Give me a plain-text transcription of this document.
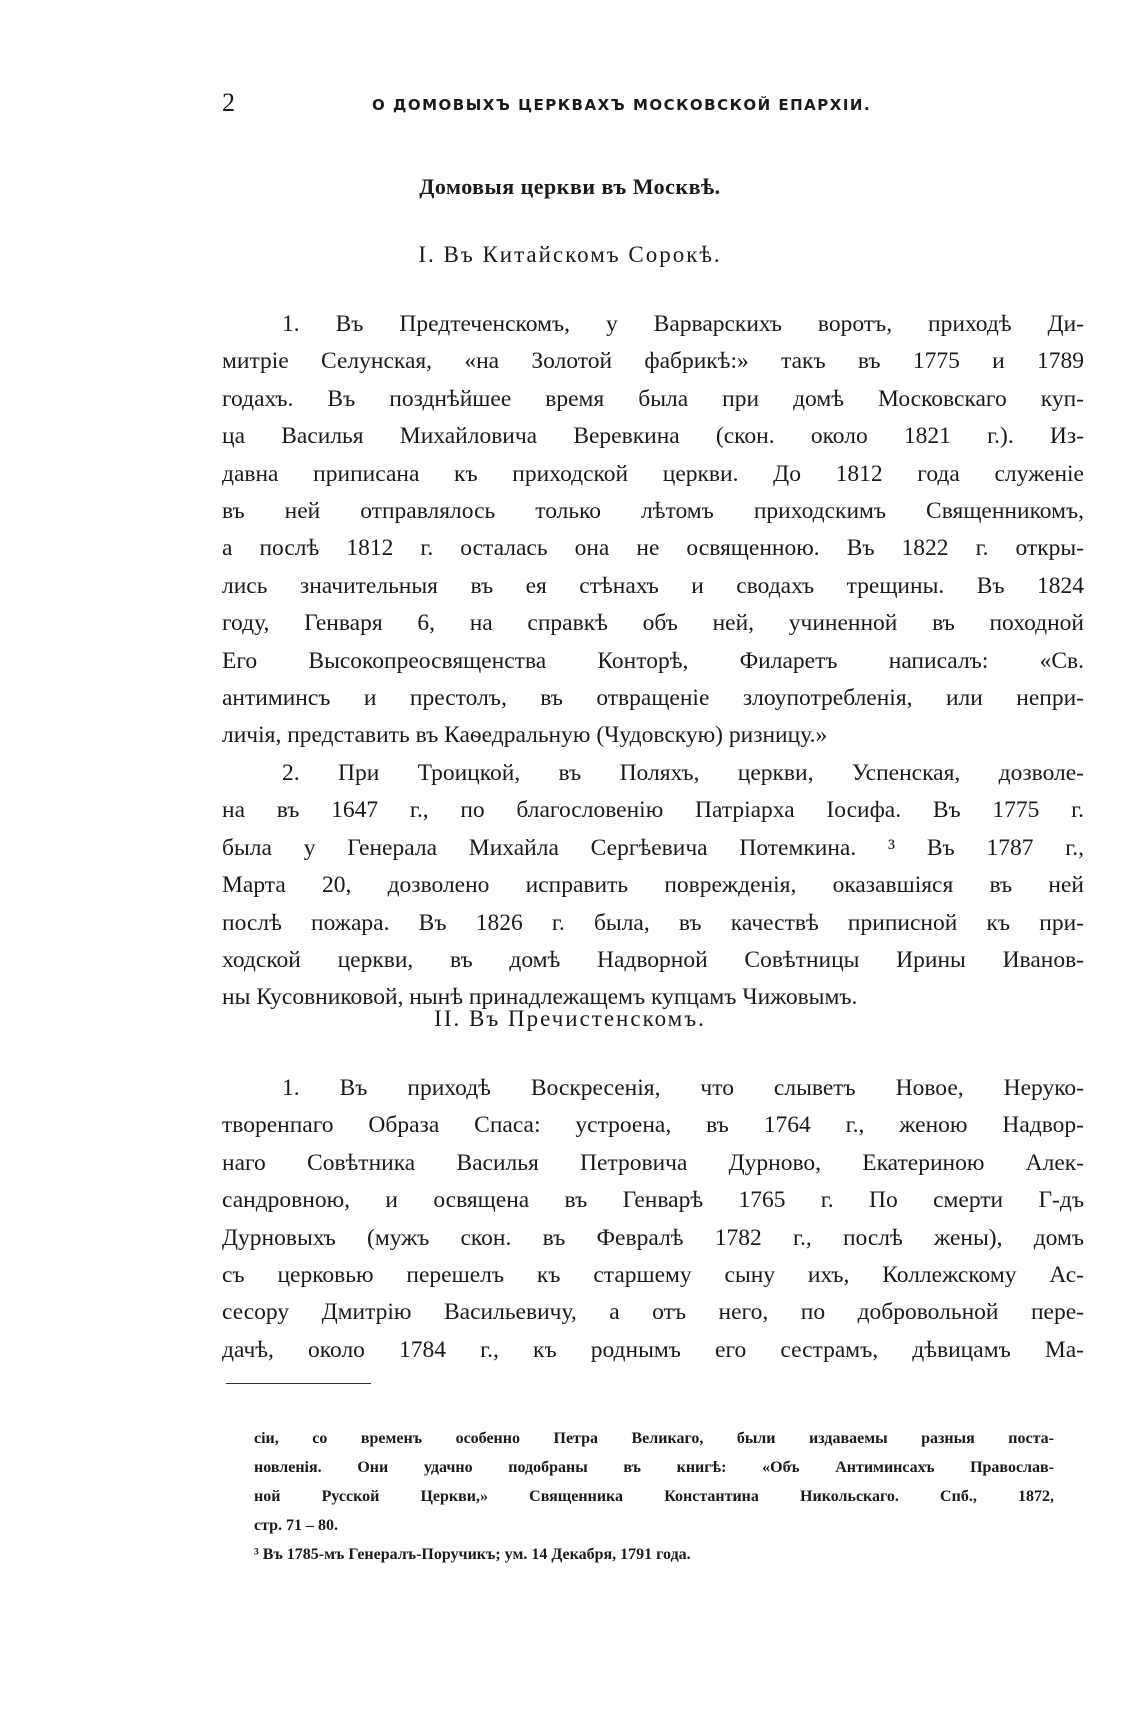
2	О ДОМОВЫХЪ ЦЕРКВАХЪ МОСКОВСКОЙ ЕПАРХIИ.
Домовыя церкви въ Москвѣ.
I. Въ Китайскомъ Сорокѣ.
1. Въ Предтеченскомъ, у Варварскихъ воротъ, приходѣ Ди-
митрiе Селунская, «на Золотой фабрикѣ:» такъ въ 1775 и 1789
годахъ. Въ позднѣйшее время была при домѣ Московскаго куп-
ца Василья Михайловича Веревкина (скон. около 1821 г.). Из-
давна приписана къ приходской церкви. До 1812 года служенiе
въ ней отправлялось только лѣтомъ приходскимъ Священникомъ,
а послѣ 1812 г. осталась она не освященною. Въ 1822 г. откры-
лись значительныя въ ея стѣнахъ и сводахъ трещины. Въ 1824
году, Генваря 6, на справкѣ объ ней, учиненной въ походной
Его Высокопреосвященства Конторѣ, Филаретъ написалъ: «Св.
антиминсъ и престолъ, въ отвращенiе злоупотребленiя, или непри-
личiя, представить въ Каѳедральную (Чудовскую) ризницу.»
2. При Троицкой, въ Поляхъ, церкви, Успенская, дозволе-
на въ 1647 г., по благословенiю Патрiарха Iосифа. Въ 1775 г.
была у Генерала Михайла Сергѣевича Потемкина. ³ Въ 1787 г.,
Марта 20, дозволено исправить поврежденiя, оказавшiяся въ ней
послѣ пожара. Въ 1826 г. была, въ качествѣ приписной къ при-
ходской церкви, въ домѣ Надворной Совѣтницы Ирины Иванов-
ны Кусовниковой, нынѣ принадлежащемъ купцамъ Чижовымъ.
II. Въ Пречистенскомъ.
1. Въ приходѣ Воскресенiя, что слыветъ Новое, Неруко-
творенпаго Образа Спаса: устроена, въ 1764 г., женою Надвор-
наго Совѣтника Василья Петровича Дурново, Екатериною Алек-
сандровною, и освящена въ Генварѣ 1765 г. По смерти Г-дъ
Дурновыхъ (мужъ скон. въ Февралѣ 1782 г., послѣ жены), домъ
съ церковью перешелъ къ старшему сыну ихъ, Коллежскому Ас-
сесору Дмитрiю Васильевичу, а отъ него, по добровольной пере-
дачѣ, около 1784 г., къ роднымъ его сестрамъ, дѣвицамъ Ма-
сiи, со временъ особенно Петра Великаго, были издаваемы разныя поста-
новленiя. Они удачно подобраны въ книгѣ: «Объ Антиминсахъ Православ-
ной Русской Церкви,» Священника Константина Никольскаго. Спб., 1872,
стр. 71 – 80.
³ Въ 1785-мъ Генералъ-Поручикъ; ум. 14 Декабря, 1791 года.
